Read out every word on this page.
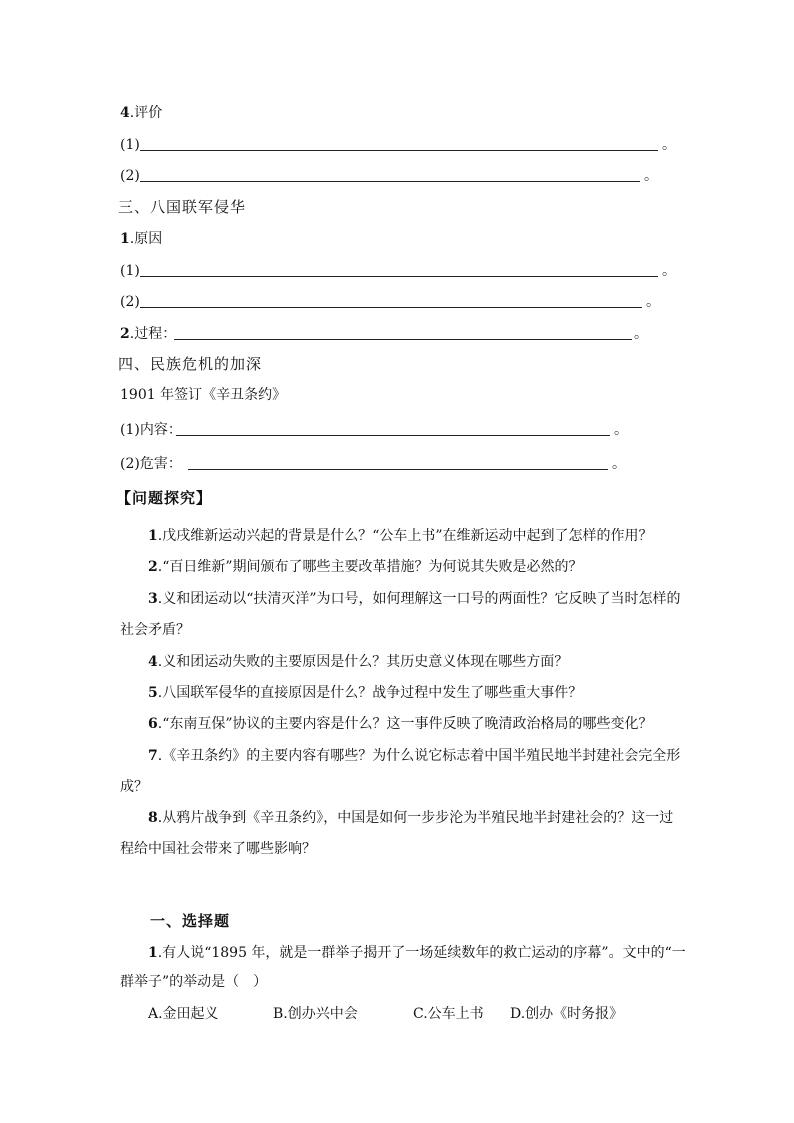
4.评价
(1)	。
(2)	。
三、八国联军侵华
1.原因
(1)	。
(2)	。
2.过程：	。
四、民族危机的加深
1901 年签订《辛丑条约》
(1)内容：	。
(2)危害：	。
【问题探究】
1.戊戌维新运动兴起的背景是什么？“公车上书”在维新运动中起到了怎样的作用？
2.“百日维新”期间颁布了哪些主要改革措施？为何说其失败是必然的？
3.义和团运动以“扶清灭洋”为口号，如何理解这一口号的两面性？它反映了当时怎样的
社会矛盾？
4.义和团运动失败的主要原因是什么？其历史意义体现在哪些方面？
5.八国联军侵华的直接原因是什么？战争过程中发生了哪些重大事件？
6.“东南互保”协议的主要内容是什么？这一事件反映了晚清政治格局的哪些变化？
7.《辛丑条约》的主要内容有哪些？为什么说它标志着中国半殖民地半封建社会完全形
成？
8.从鸦片战争到《辛丑条约》，中国是如何一步步沦为半殖民地半封建社会的？这一过
程给中国社会带来了哪些影响？
一、选择题
1.有人说“1895 年，就是一群举子揭开了一场延续数年的救亡运动的序幕”。文中的“一
群举子”的举动是（　）
A.金田起义	B.创办兴中会	C.公车上书 D.创办《时务报》
